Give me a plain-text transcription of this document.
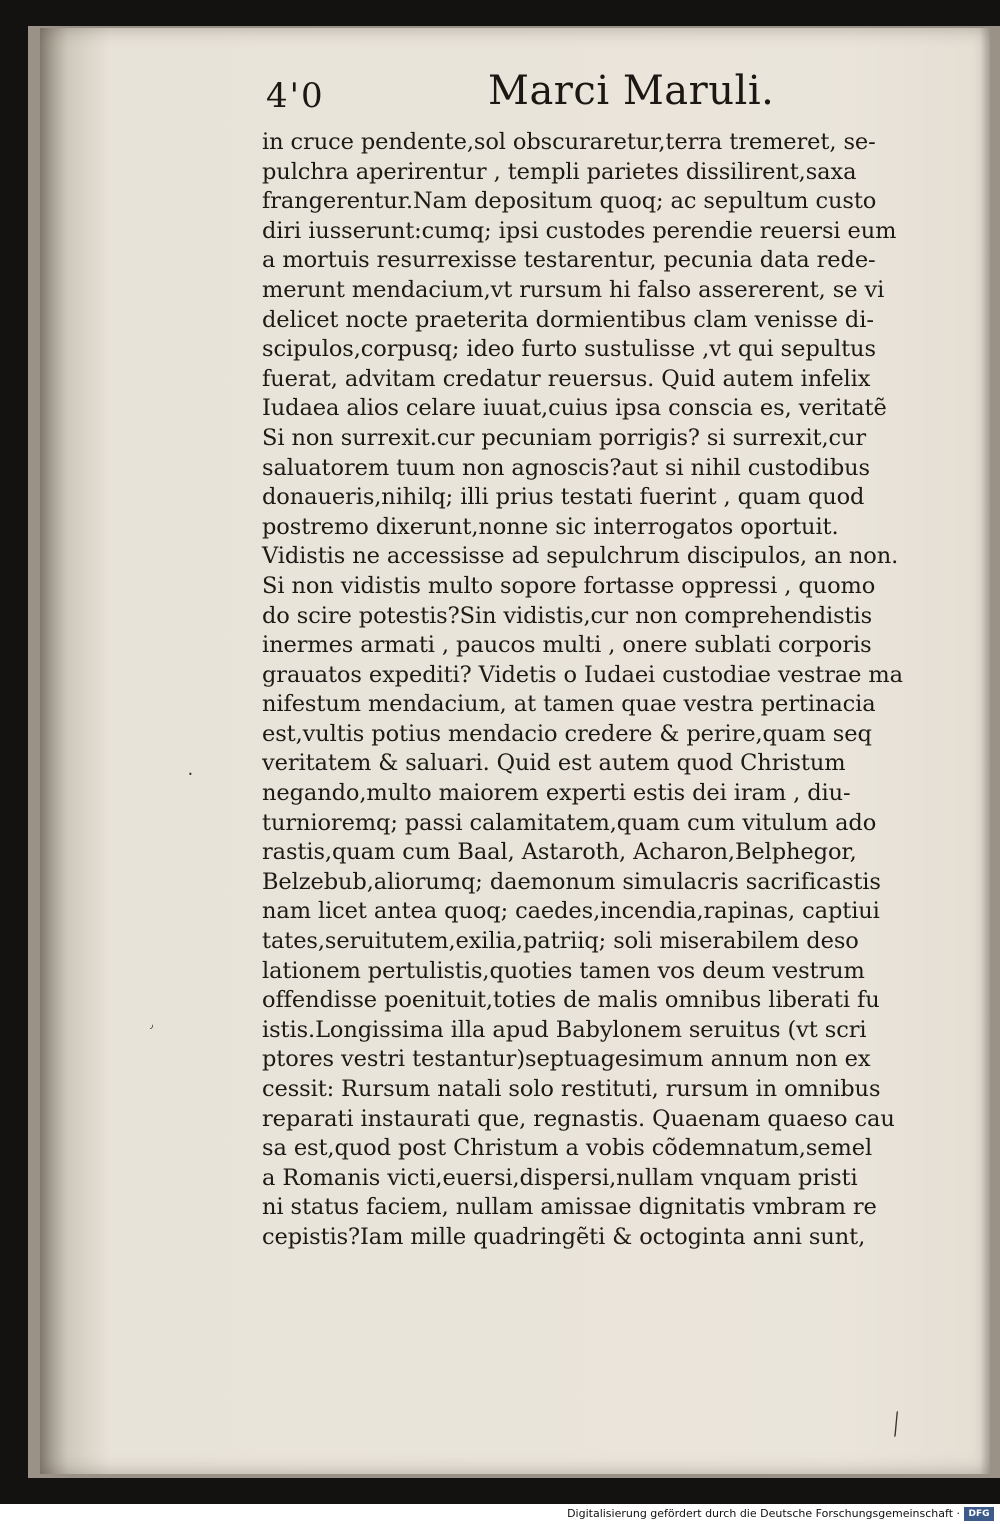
4'0	Marci Maruli.
in cruce pendente,sol obscuraretur,terra tremeret, se-
pulchra aperirentur , templi parietes dissilirent,saxa
frangerentur.Nam depositum quoq; ac sepultum custo
diri iusserunt:cumq; ipsi custodes perendie reuersi eum
a mortuis resurrexisse testarentur, pecunia data rede-
merunt mendacium,vt rursum hi falso assererent, se vi
delicet nocte praeterita dormientibus clam venisse di-
scipulos,corpusq; ideo furto sustulisse ,vt qui sepultus
fuerat, advitam credatur reuersus. Quid autem infelix
Iudaea alios celare iuuat,cuius ipsa conscia es, veritatẽ
Si non surrexit.cur pecuniam porrigis? si surrexit,cur
saluatorem tuum non agnoscis?aut si nihil custodibus
donaueris,nihilq; illi prius testati fuerint , quam quod
postremo dixerunt,nonne sic interrogatos oportuit.
Vidistis ne accessisse ad sepulchrum discipulos, an non.
Si non vidistis multo sopore fortasse oppressi , quomo
do scire potestis?Sin vidistis,cur non comprehendistis
inermes armati , paucos multi , onere sublati corporis
grauatos expediti? Videtis o Iudaei custodiae vestrae ma
nifestum mendacium, at tamen quae vestra pertinacia
est,vultis potius mendacio credere & perire,quam seq
veritatem & saluari. Quid est autem quod Christum
negando,multo maiorem experti estis dei iram , diu-
turnioremq; passi calamitatem,quam cum vitulum ado
rastis,quam cum Baal, Astaroth, Acharon,Belphegor,
Belzebub,aliorumq; daemonum simulacris sacrificastis
nam licet antea quoq; caedes,incendia,rapinas, captiui
tates,seruitutem,exilia,patriiq; soli miserabilem deso
lationem pertulistis,quoties tamen vos deum vestrum
offendisse poenituit,toties de malis omnibus liberati fu
istis.Longissima illa apud Babylonem seruitus (vt scri
ptores vestri testantur)septuagesimum annum non ex
cessit: Rursum natali solo restituti, rursum in omnibus
reparati instaurati que, regnastis. Quaenam quaeso cau
sa est,quod post Christum a vobis cõdemnatum,semel
a Romanis victi,euersi,dispersi,nullam vnquam pristi
ni status faciem, nullam amissae dignitatis vmbram re
cepistis?Iam mille quadringẽti & octoginta anni sunt,
•
٫
⟋
Digitalisierung gefördert durch die Deutsche Forschungsgemeinschaft · DFG
